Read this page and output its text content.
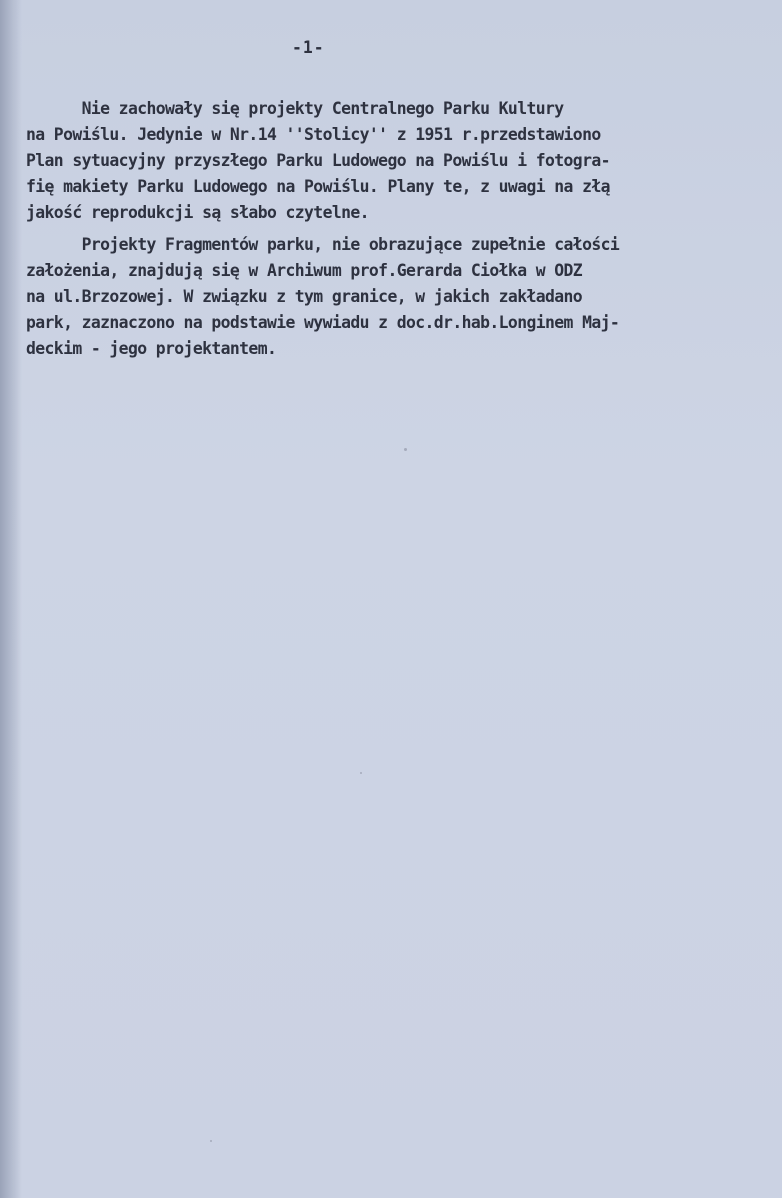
-1-
Nie zachowały się projekty Centralnego Parku Kultury
na Powiślu. Jedynie w Nr.14 ''Stolicy'' z 1951 r.przedstawiono
Plan sytuacyjny przyszłego Parku Ludowego na Powiślu i fotogra-
fię makiety Parku Ludowego na Powiślu. Plany te, z uwagi na złą
jakość reprodukcji są słabo czytelne.
Projekty Fragmentów parku, nie obrazujące zupełnie całości
założenia, znajdują się w Archiwum prof.Gerarda Ciołka w ODZ
na ul.Brzozowej. W związku z tym granice, w jakich zakładano
park, zaznaczono na podstawie wywiadu z doc.dr.hab.Longinem Maj-
deckim - jego projektantem.
